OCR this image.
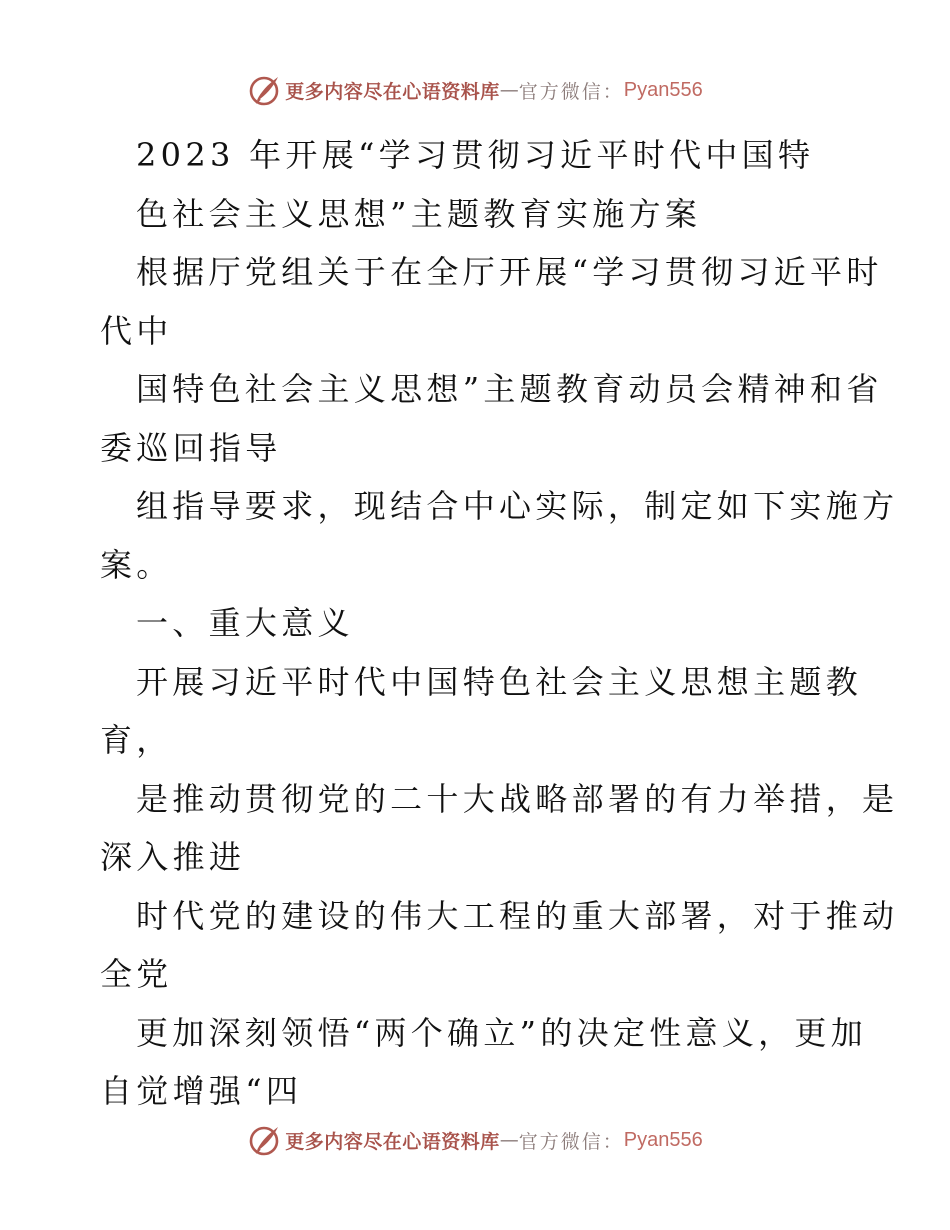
更多内容尽在心语资料库 — 官方微信： Pyan556
2023 年开展“学习贯彻习近平时代中国特
色社会主义思想”主题教育实施方案
根据厅党组关于在全厅开展“学习贯彻习近平时
代中
国特色社会主义思想”主题教育动员会精神和省
委巡回指导
组指导要求，现结合中心实际，制定如下实施方
案。
一、重大意义
开展习近平时代中国特色社会主义思想主题教
育，
是推动贯彻党的二十大战略部署的有力举措，是
深入推进
时代党的建设的伟大工程的重大部署，对于推动
全党
更加深刻领悟“两个确立”的决定性意义，更加
自觉增强“四
更多内容尽在心语资料库 — 官方微信： Pyan556
